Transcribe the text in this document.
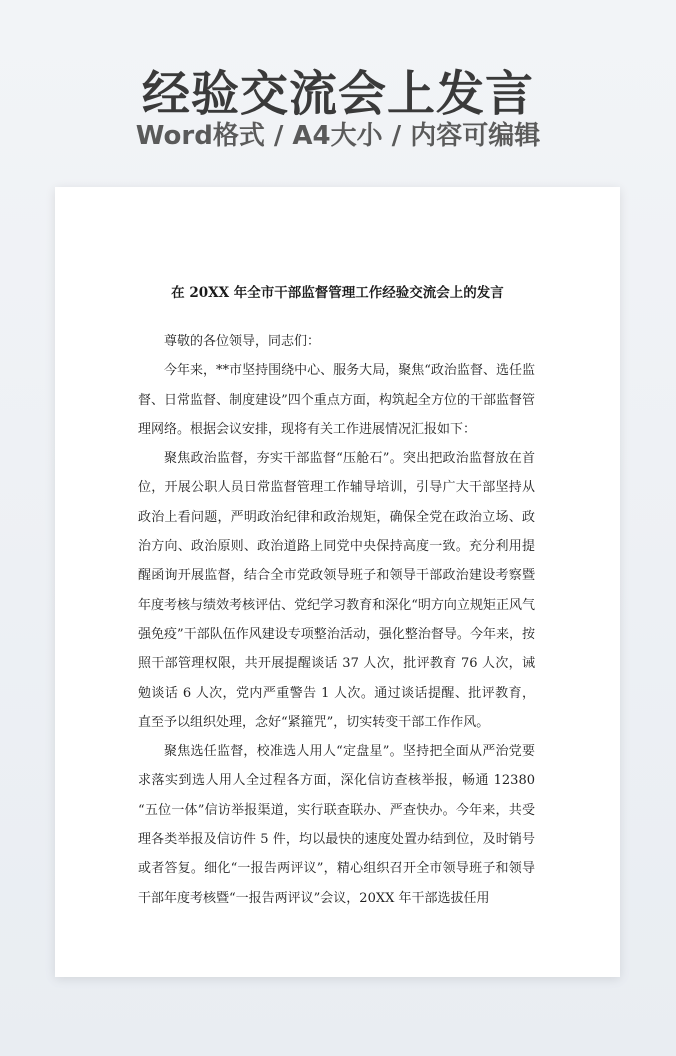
经验交流会上发言
Word格式 / A4大小 / 内容可编辑
在 20XX 年全市干部监督管理工作经验交流会上的发言

尊敬的各位领导，同志们：

今年来，**市坚持围绕中心、服务大局，聚焦“政治监督、选任监督、日常监督、制度建设”四个重点方面，构筑起全方位的干部监督管理网络。根据会议安排，现将有关工作进展情况汇报如下：

聚焦政治监督，夯实干部监督“压舱石”。突出把政治监督放在首位，开展公职人员日常监督管理工作辅导培训，引导广大干部坚持从政治上看问题，严明政治纪律和政治规矩，确保全党在政治立场、政治方向、政治原则、政治道路上同党中央保持高度一致。充分利用提醒函询开展监督，结合全市党政领导班子和领导干部政治建设考察暨年度考核与绩效考核评估、党纪学习教育和深化“明方向立规矩正风气强免疫”干部队伍作风建设专项整治活动，强化整治督导。今年来，按照干部管理权限，共开展提醒谈话 37 人次，批评教育 76 人次，诫勉谈话 6 人次，党内严重警告 1 人次。通过谈话提醒、批评教育，直至予以组织处理，念好“紧箍咒”，切实转变干部工作作风。

聚焦选任监督，校准选人用人“定盘星”。坚持把全面从严治党要求落实到选人用人全过程各方面，深化信访查核举报，畅通 12380 “五位一体”信访举报渠道，实行联查联办、严查快办。今年来，共受理各类举报及信访件 5 件，均以最快的速度处置办结到位，及时销号或者答复。细化“一报告两评议”，精心组织召开全市领导班子和领导干部年度考核暨“一报告两评议”会议，20XX 年干部选拔任用
